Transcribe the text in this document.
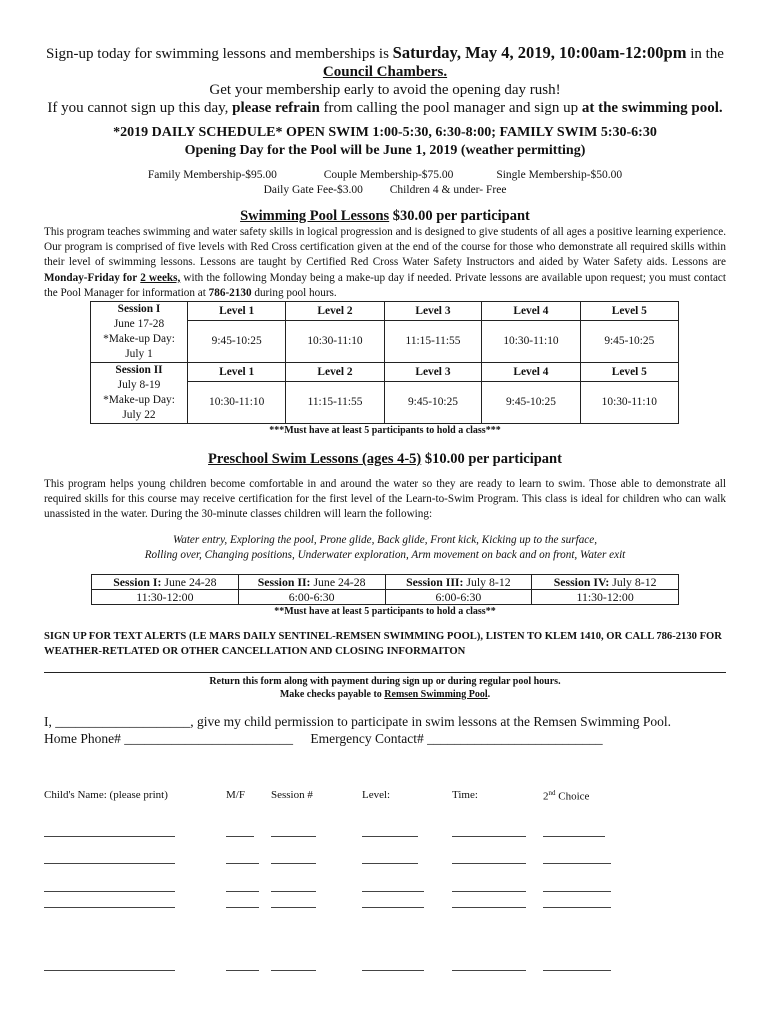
Sign-up today for swimming lessons and memberships is Saturday, May 4, 2019, 10:00am-12:00pm in the
Council Chambers.
Get your membership early to avoid the opening day rush!
If you cannot sign up this day, please refrain from calling the pool manager and sign up at the swimming pool.
*2019 DAILY SCHEDULE* OPEN SWIM 1:00-5:30, 6:30-8:00; FAMILY SWIM 5:30-6:30
Opening Day for the Pool will be June 1, 2019 (weather permitting)
Family Membership-$95.00	Couple Membership-$75.00	Single Membership-$50.00
Daily Gate Fee-$3.00 Children 4 & under- Free
Swimming Pool Lessons $30.00 per participant
This program teaches swimming and water safety skills in logical progression and is designed to give students of all ages a positive learning experience. Our program is comprised of five levels with Red Cross certification given at the end of the course for those who demonstrate all required skills within their level of swimming lessons. Lessons are taught by Certified Red Cross Water Safety Instructors and aided by Water Safety aids. Lessons are Monday-Friday for 2 weeks, with the following Monday being a make-up day if needed. Private lessons are available upon request; you must contact the Pool Manager for information at 786-2130 during pool hours.
Session I
June 17-28
*Make-up Day:
July 1	Level 1	Level 2	Level 3	Level 4	Level 5
	9:45-10:25	10:30-11:10	11:15-11:55	10:30-11:10	9:45-10:25
Session II
July 8-19
*Make-up Day:
July 22	Level 1	Level 2	Level 3	Level 4	Level 5
	10:30-11:10	11:15-11:55	9:45-10:25	9:45-10:25	10:30-11:10
***Must have at least 5 participants to hold a class***
Preschool Swim Lessons (ages 4-5) $10.00 per participant
This program helps young children become comfortable in and around the water so they are ready to learn to swim. Those able to demonstrate all required skills for this course may receive certification for the first level of the Learn-to-Swim Program. This class is ideal for children who can walk unassisted in the water. During the 30-minute classes children will learn the following:
Water entry, Exploring the pool, Prone glide, Back glide, Front kick, Kicking up to the surface,
Rolling over, Changing positions, Underwater exploration, Arm movement on back and on front, Water exit
Session I: June 24-28	Session II: June 24-28	Session III: July 8-12	Session IV: July 8-12
11:30-12:00	6:00-6:30	6:00-6:30	11:30-12:00
**Must have at least 5 participants to hold a class**
SIGN UP FOR TEXT ALERTS (LE MARS DAILY SENTINEL-REMSEN SWIMMING POOL), LISTEN TO KLEM 1410, OR CALL 786-2130 FOR WEATHER-RETLATED OR OTHER CANCELLATION AND CLOSING INFORMAITON
Return this form along with payment during sign up or during regular pool hours.
Make checks payable to Remsen Swimming Pool.
I, ____________________, give my child permission to participate in swim lessons at the Remsen Swimming Pool.
Home Phone# _________________________ Emergency Contact# __________________________
Child's Name: (please print)	M/F Session #	Level:	Time:	2nd Choice
